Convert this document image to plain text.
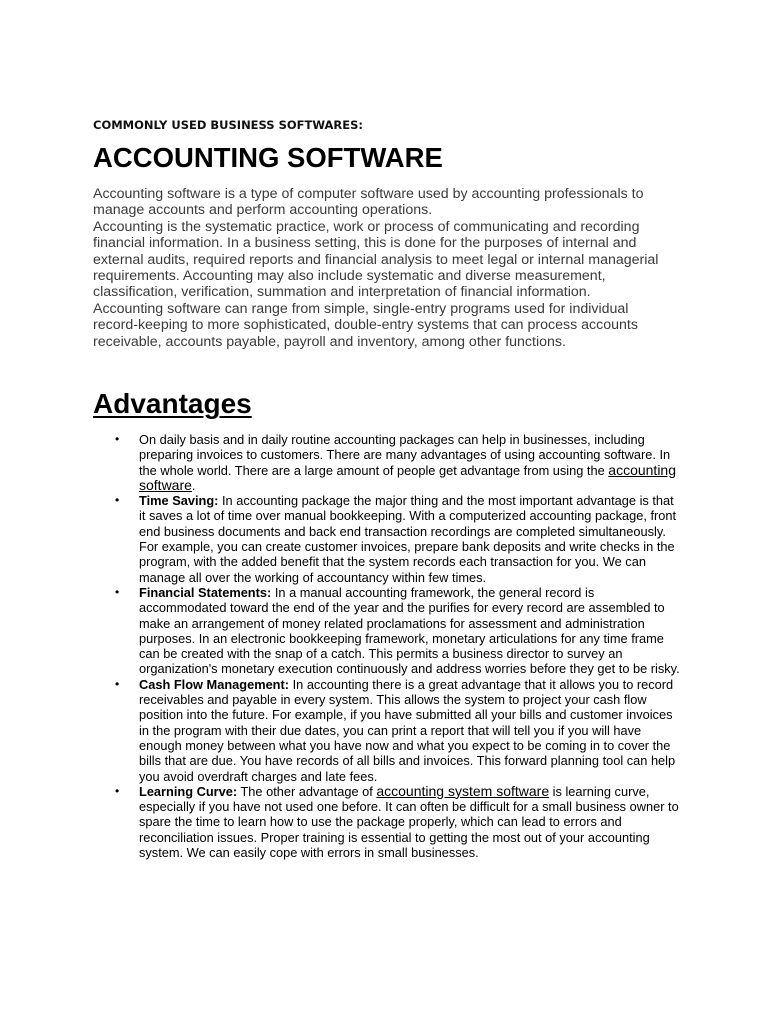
COMMONLY USED BUSINESS SOFTWARES:
ACCOUNTING SOFTWARE

Accounting software is a type of computer software used by accounting professionals to manage accounts and perform accounting operations.

Accounting is the systematic practice, work or process of communicating and recording financial information. In a business setting, this is done for the purposes of internal and external audits, required reports and financial analysis to meet legal or internal managerial requirements. Accounting may also include systematic and diverse measurement, classification, verification, summation and interpretation of financial information.

Accounting software can range from simple, single-entry programs used for individual record-keeping to more sophisticated, double-entry systems that can process accounts receivable, accounts payable, payroll and inventory, among other functions.

Advantages
• On daily basis and in daily routine accounting packages can help in businesses, including preparing invoices to customers. There are many advantages of using accounting software. In the whole world. There are a large amount of people get advantage from using the accounting software.
• Time Saving: In accounting package the major thing and the most important advantage is that it saves a lot of time over manual bookkeeping. With a computerized accounting package, front end business documents and back end transaction recordings are completed simultaneously. For example, you can create customer invoices, prepare bank deposits and write checks in the program, with the added benefit that the system records each transaction for you. We can manage all over the working of accountancy within few times.
• Financial Statements: In a manual accounting framework, the general record is accommodated toward the end of the year and the purifies for every record are assembled to make an arrangement of money related proclamations for assessment and administration purposes. In an electronic bookkeeping framework, monetary articulations for any time frame can be created with the snap of a catch. This permits a business director to survey an organization's monetary execution continuously and address worries before they get to be risky.
• Cash Flow Management: In accounting there is a great advantage that it allows you to record receivables and payable in every system. This allows the system to project your cash flow position into the future. For example, if you have submitted all your bills and customer invoices in the program with their due dates, you can print a report that will tell you if you will have enough money between what you have now and what you expect to be coming in to cover the bills that are due. You have records of all bills and invoices. This forward planning tool can help you avoid overdraft charges and late fees.
• Learning Curve: The other advantage of accounting system software is learning curve, especially if you have not used one before. It can often be difficult for a small business owner to spare the time to learn how to use the package properly, which can lead to errors and reconciliation issues. Proper training is essential to getting the most out of your accounting system. We can easily cope with errors in small businesses.
